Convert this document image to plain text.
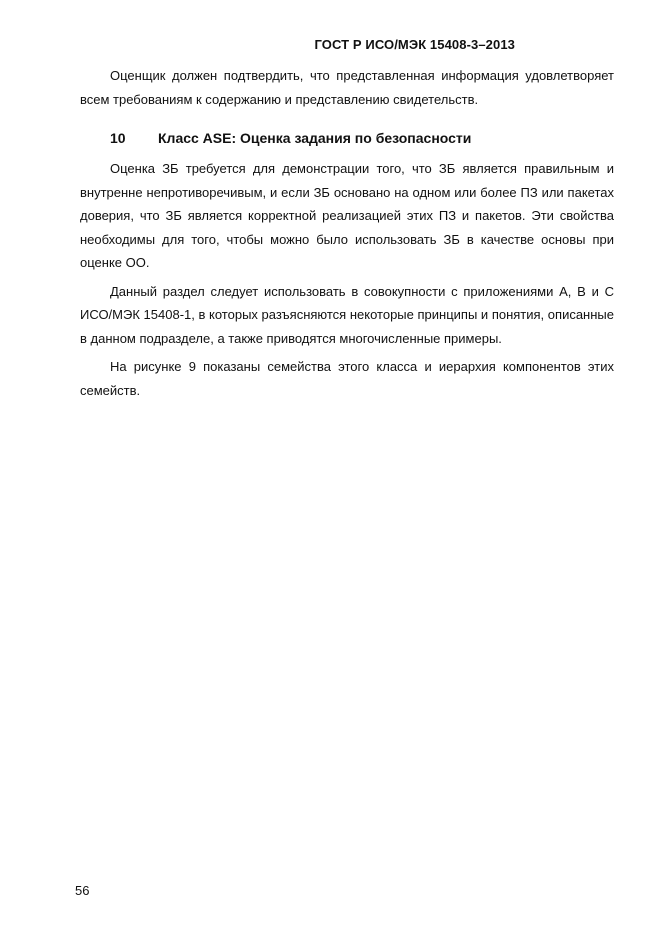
ГОСТ Р ИСО/МЭК 15408-3–2013

Оценщик должен подтвердить, что представленная информация удовлетворяет всем требованиям к содержанию и представлению свидетельств.

10 Класс ASE: Оценка задания по безопасности

Оценка ЗБ требуется для демонстрации того, что ЗБ является правильным и внутренне непротиворечивым, и если ЗБ основано на одном или более ПЗ или пакетах доверия, что ЗБ является корректной реализацией этих ПЗ и пакетов. Эти свойства необходимы для того, чтобы можно было использовать ЗБ в качестве основы при оценке ОО.

Данный раздел следует использовать в совокупности с приложениями А, В и С ИСО/МЭК 15408-1, в которых разъясняются некоторые принципы и понятия, описанные в данном подразделе, а также приводятся многочисленные примеры.

На рисунке 9 показаны семейства этого класса и иерархия компонентов этих семейств.

56
